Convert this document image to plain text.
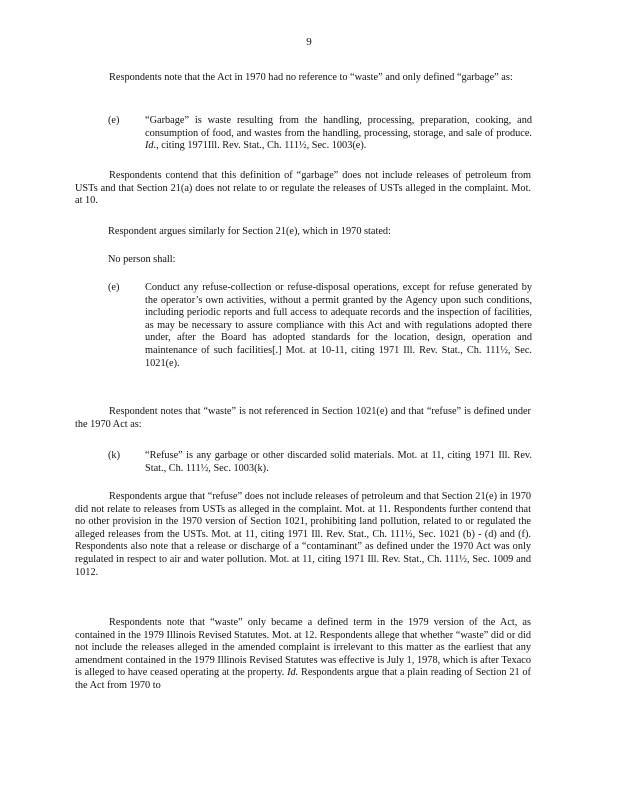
9

Respondents note that the Act in 1970 had no reference to “waste” and only defined “garbage” as:

(e)	“Garbage” is waste resulting from the handling, processing, preparation, cooking, and consumption of food, and wastes from the handling, processing, storage, and sale of produce. Id., citing 1971Ill. Rev. Stat., Ch. 111½, Sec. 1003(e).

Respondents contend that this definition of “garbage” does not include releases of petroleum from USTs and that Section 21(a) does not relate to or regulate the releases of USTs alleged in the complaint. Mot. at 10.

Respondent argues similarly for Section 21(e), which in 1970 stated:

No person shall:

(e)	Conduct any refuse-collection or refuse-disposal operations, except for refuse generated by the operator’s own activities, without a permit granted by the Agency upon such conditions, including periodic reports and full access to adequate records and the inspection of facilities, as may be necessary to assure compliance with this Act and with regulations adopted there under, after the Board has adopted standards for the location, design, operation and maintenance of such facilities[.] Mot. at 10-11, citing 1971 Ill. Rev. Stat., Ch. 111½, Sec. 1021(e).

Respondent notes that “waste” is not referenced in Section 1021(e) and that “refuse” is defined under the 1970 Act as:

(k)	“Refuse” is any garbage or other discarded solid materials. Mot. at 11, citing 1971 Ill. Rev. Stat., Ch. 111½, Sec. 1003(k).

Respondents argue that “refuse” does not include releases of petroleum and that Section 21(e) in 1970 did not relate to releases from USTs as alleged in the complaint. Mot. at 11. Respondents further contend that no other provision in the 1970 version of Section 1021, prohibiting land pollution, related to or regulated the alleged releases from the USTs. Mot. at 11, citing 1971 Ill. Rev. Stat., Ch. 111½, Sec. 1021 (b) - (d) and (f). Respondents also note that a release or discharge of a “contaminant” as defined under the 1970 Act was only regulated in respect to air and water pollution. Mot. at 11, citing 1971 Ill. Rev. Stat., Ch. 111½, Sec. 1009 and 1012.

Respondents note that “waste” only became a defined term in the 1979 version of the Act, as contained in the 1979 Illinois Revised Statutes. Mot. at 12. Respondents allege that whether “waste” did or did not include the releases alleged in the amended complaint is irrelevant to this matter as the earliest that any amendment contained in the 1979 Illinois Revised Statutes was effective is July 1, 1978, which is after Texaco is alleged to have ceased operating at the property. Id. Respondents argue that a plain reading of Section 21 of the Act from 1970 to
